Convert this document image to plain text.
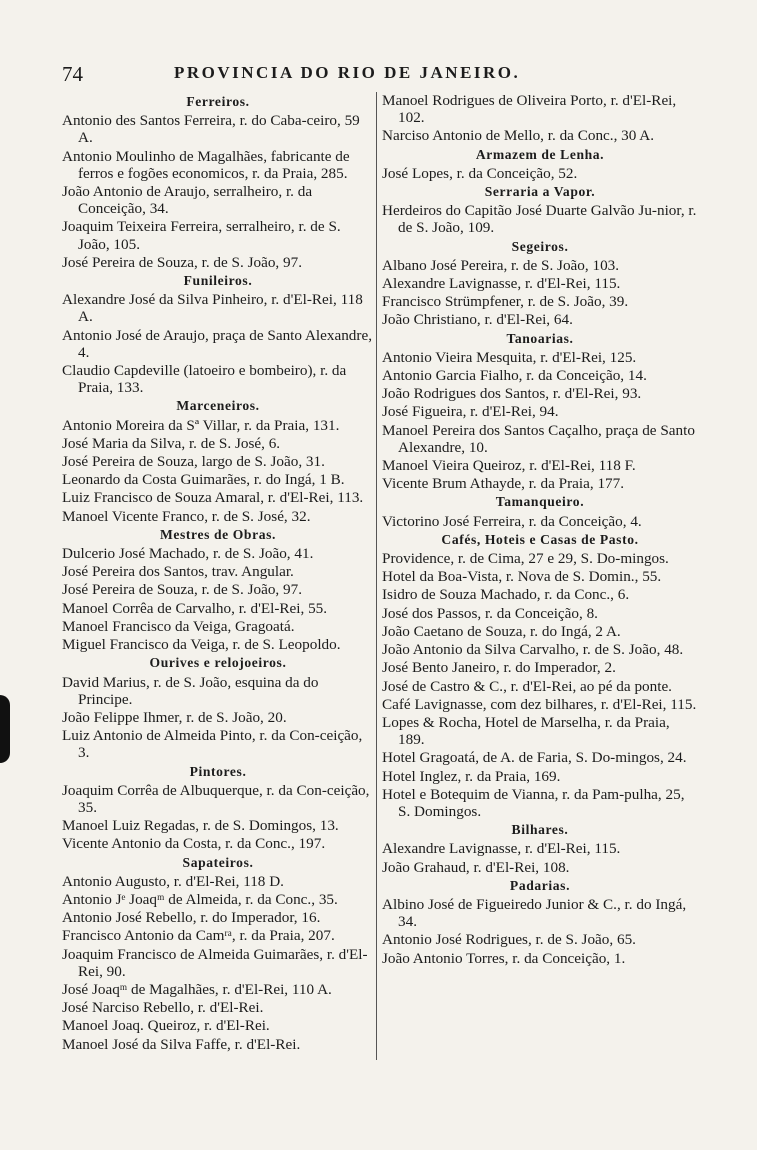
74	PROVINCIA DO RIO DE JANEIRO.
Ferreiros.
Antonio des Santos Ferreira, r. do Caba-ceiro, 59 A.
Antonio Moulinho de Magalhães, fabricante de ferros e fogões economicos, r. da Praia, 285.
João Antonio de Araujo, serralheiro, r. da Conceição, 34.
Joaquim Teixeira Ferreira, serralheiro, r. de S. João, 105.
José Pereira de Souza, r. de S. João, 97.
Funileiros.
Alexandre José da Silva Pinheiro, r. d'El-Rei, 118 A.
Antonio José de Araujo, praça de Santo Alexandre, 4.
Claudio Capdeville (latoeiro e bombeiro), r. da Praia, 133.
Marceneiros.
Antonio Moreira da Sª Villar, r. da Praia, 131.
José Maria da Silva, r. de S. José, 6.
José Pereira de Souza, largo de S. João, 31.
Leonardo da Costa Guimarães, r. do Ingá, 1 B.
Luiz Francisco de Souza Amaral, r. d'El-Rei, 113.
Manoel Vicente Franco, r. de S. José, 32.
Mestres de Obras.
Dulcerio José Machado, r. de S. João, 41.
José Pereira dos Santos, trav. Angular.
José Pereira de Souza, r. de S. João, 97.
Manoel Corrêa de Carvalho, r. d'El-Rei, 55.
Manoel Francisco da Veiga, Gragoatá.
Miguel Francisco da Veiga, r. de S. Leopoldo.
Ourives e relojoeiros.
David Marius, r. de S. João, esquina da do Principe.
João Felippe Ihmer, r. de S. João, 20.
Luiz Antonio de Almeida Pinto, r. da Con-ceição, 3.
Pintores.
Joaquim Corrêa de Albuquerque, r. da Con-ceição, 35.
Manoel Luiz Regadas, r. de S. Domingos, 13.
Vicente Antonio da Costa, r. da Conc., 197.
Sapateiros.
Antonio Augusto, r. d'El-Rei, 118 D.
Antonio Jᵉ Joaqᵐ de Almeida, r. da Conc., 35.
Antonio José Rebello, r. do Imperador, 16.
Francisco Antonio da Camʳᵃ, r. da Praia, 207.
Joaquim Francisco de Almeida Guimarães, r. d'El-Rei, 90.
José Joaqᵐ de Magalhães, r. d'El-Rei, 110 A.
José Narciso Rebello, r. d'El-Rei.
Manoel Joaq. Queiroz, r. d'El-Rei.
Manoel José da Silva Faffe, r. d'El-Rei.
Manoel Rodrigues de Oliveira Porto, r. d'El-Rei, 102.
Narciso Antonio de Mello, r. da Conc., 30 A.
Armazem de Lenha.
José Lopes, r. da Conceição, 52.
Serraria a Vapor.
Herdeiros do Capitão José Duarte Galvão Ju-nior, r. de S. João, 109.
Segeiros.
Albano José Pereira, r. de S. João, 103.
Alexandre Lavignasse, r. d'El-Rei, 115.
Francisco Strümpfener, r. de S. João, 39.
João Christiano, r. d'El-Rei, 64.
Tanoarias.
Antonio Vieira Mesquita, r. d'El-Rei, 125.
Antonio Garcia Fialho, r. da Conceição, 14.
João Rodrigues dos Santos, r. d'El-Rei, 93.
José Figueira, r. d'El-Rei, 94.
Manoel Pereira dos Santos Caçalho, praça de Santo Alexandre, 10.
Manoel Vieira Queiroz, r. d'El-Rei, 118 F.
Vicente Brum Athayde, r. da Praia, 177.
Tamanqueiro.
Victorino José Ferreira, r. da Conceição, 4.
Cafés, Hoteis e Casas de Pasto.
Providence, r. de Cima, 27 e 29, S. Do-mingos.
Hotel da Boa-Vista, r. Nova de S. Domin., 55.
Isidro de Souza Machado, r. da Conc., 6.
José dos Passos, r. da Conceição, 8.
João Caetano de Souza, r. do Ingá, 2 A.
João Antonio da Silva Carvalho, r. de S. João, 48.
José Bento Janeiro, r. do Imperador, 2.
José de Castro & C., r. d'El-Rei, ao pé da ponte.
Café Lavignasse, com dez bilhares, r. d'El-Rei, 115.
Lopes & Rocha, Hotel de Marselha, r. da Praia, 189.
Hotel Gragoatá, de A. de Faria, S. Do-mingos, 24.
Hotel Inglez, r. da Praia, 169.
Hotel e Botequim de Vianna, r. da Pam-pulha, 25, S. Domingos.
Bilhares.
Alexandre Lavignasse, r. d'El-Rei, 115.
João Grahaud, r. d'El-Rei, 108.
Padarias.
Albino José de Figueiredo Junior & C., r. do Ingá, 34.
Antonio José Rodrigues, r. de S. João, 65.
João Antonio Torres, r. da Conceição, 1.
